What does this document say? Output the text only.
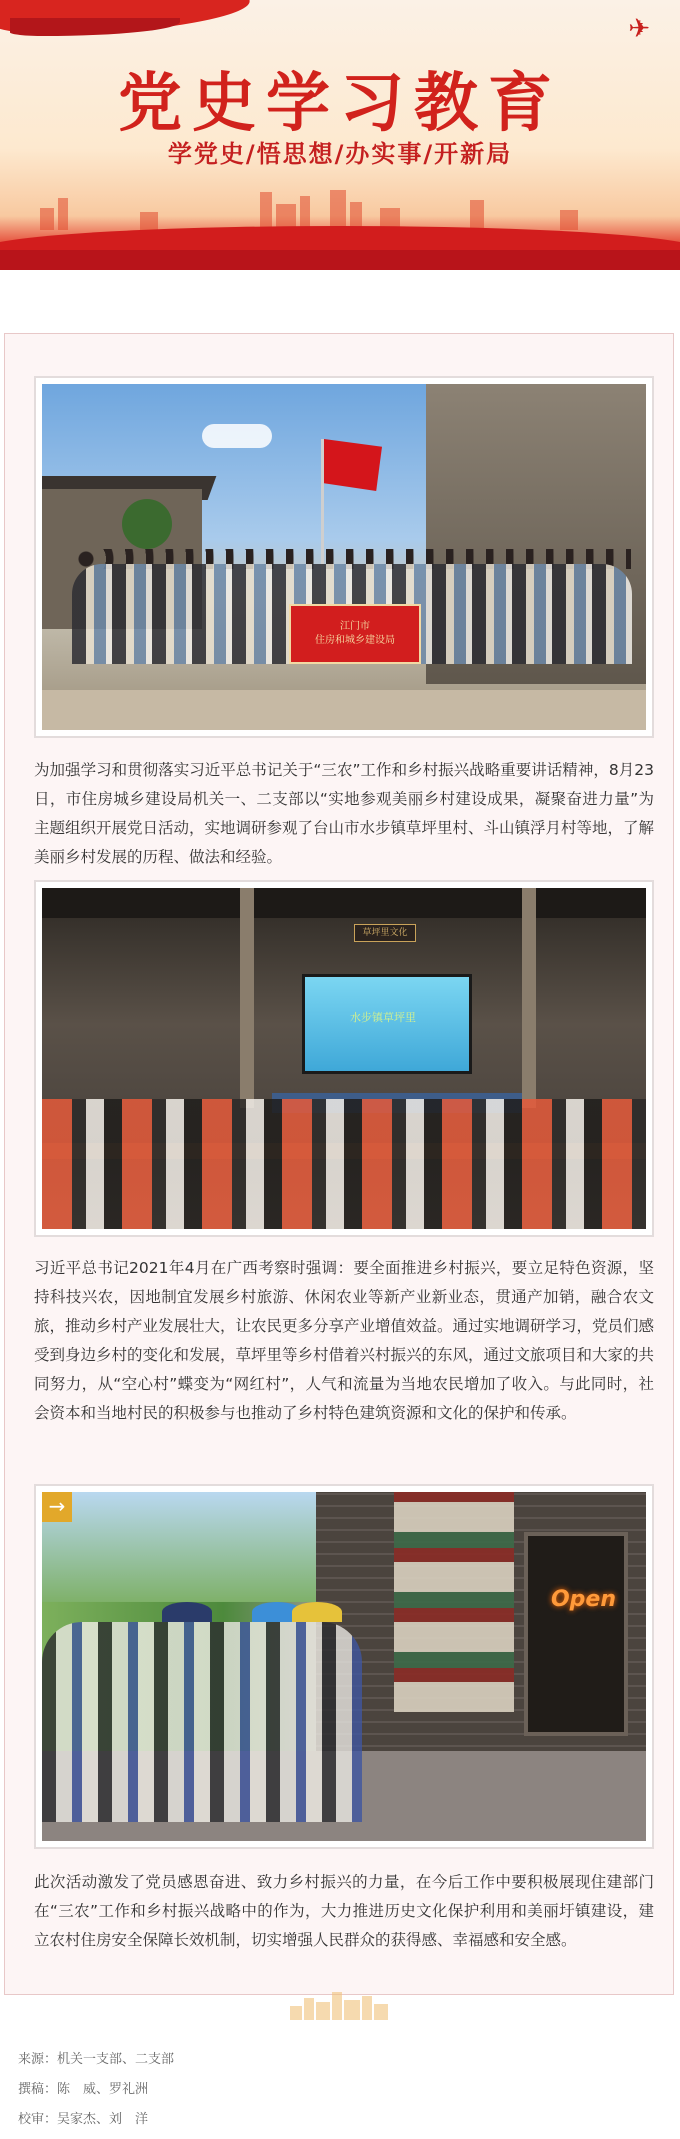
✈
党史学习教育
学党史/悟思想/办实事/开新局
江门市
住房和城乡建设局
为加强学习和贯彻落实习近平总书记关于“三农”工作和乡村振兴战略重要讲话精神，8月23日，市住房城乡建设局机关一、二支部以“实地参观美丽乡村建设成果，凝聚奋进力量”为主题组织开展党日活动，实地调研参观了台山市水步镇草坪里村、斗山镇浮月村等地，了解美丽乡村发展的历程、做法和经验。
草坪里文化
水步镇草坪里
习近平总书记2021年4月在广西考察时强调：要全面推进乡村振兴，要立足特色资源，坚持科技兴农，因地制宜发展乡村旅游、休闲农业等新产业新业态，贯通产加销，融合农文旅，推动乡村产业发展壮大，让农民更多分享产业增值效益。通过实地调研学习，党员们感受到身边乡村的变化和发展，草坪里等乡村借着兴村振兴的东风，通过文旅项目和大家的共同努力，从“空心村”蝶变为“网红村”，人气和流量为当地农民增加了收入。与此同时，社会资本和当地村民的积极参与也推动了乡村特色建筑资源和文化的保护和传承。
Open
→
此次活动激发了党员感恩奋进、致力乡村振兴的力量，在今后工作中要积极展现住建部门在“三农”工作和乡村振兴战略中的作为，大力推进历史文化保护利用和美丽圩镇建设，建立农村住房安全保障长效机制，切实增强人民群众的获得感、幸福感和安全感。
来源：机关一支部、二支部
撰稿：陈　威、罗礼洲
校审：吴家杰、刘　洋
